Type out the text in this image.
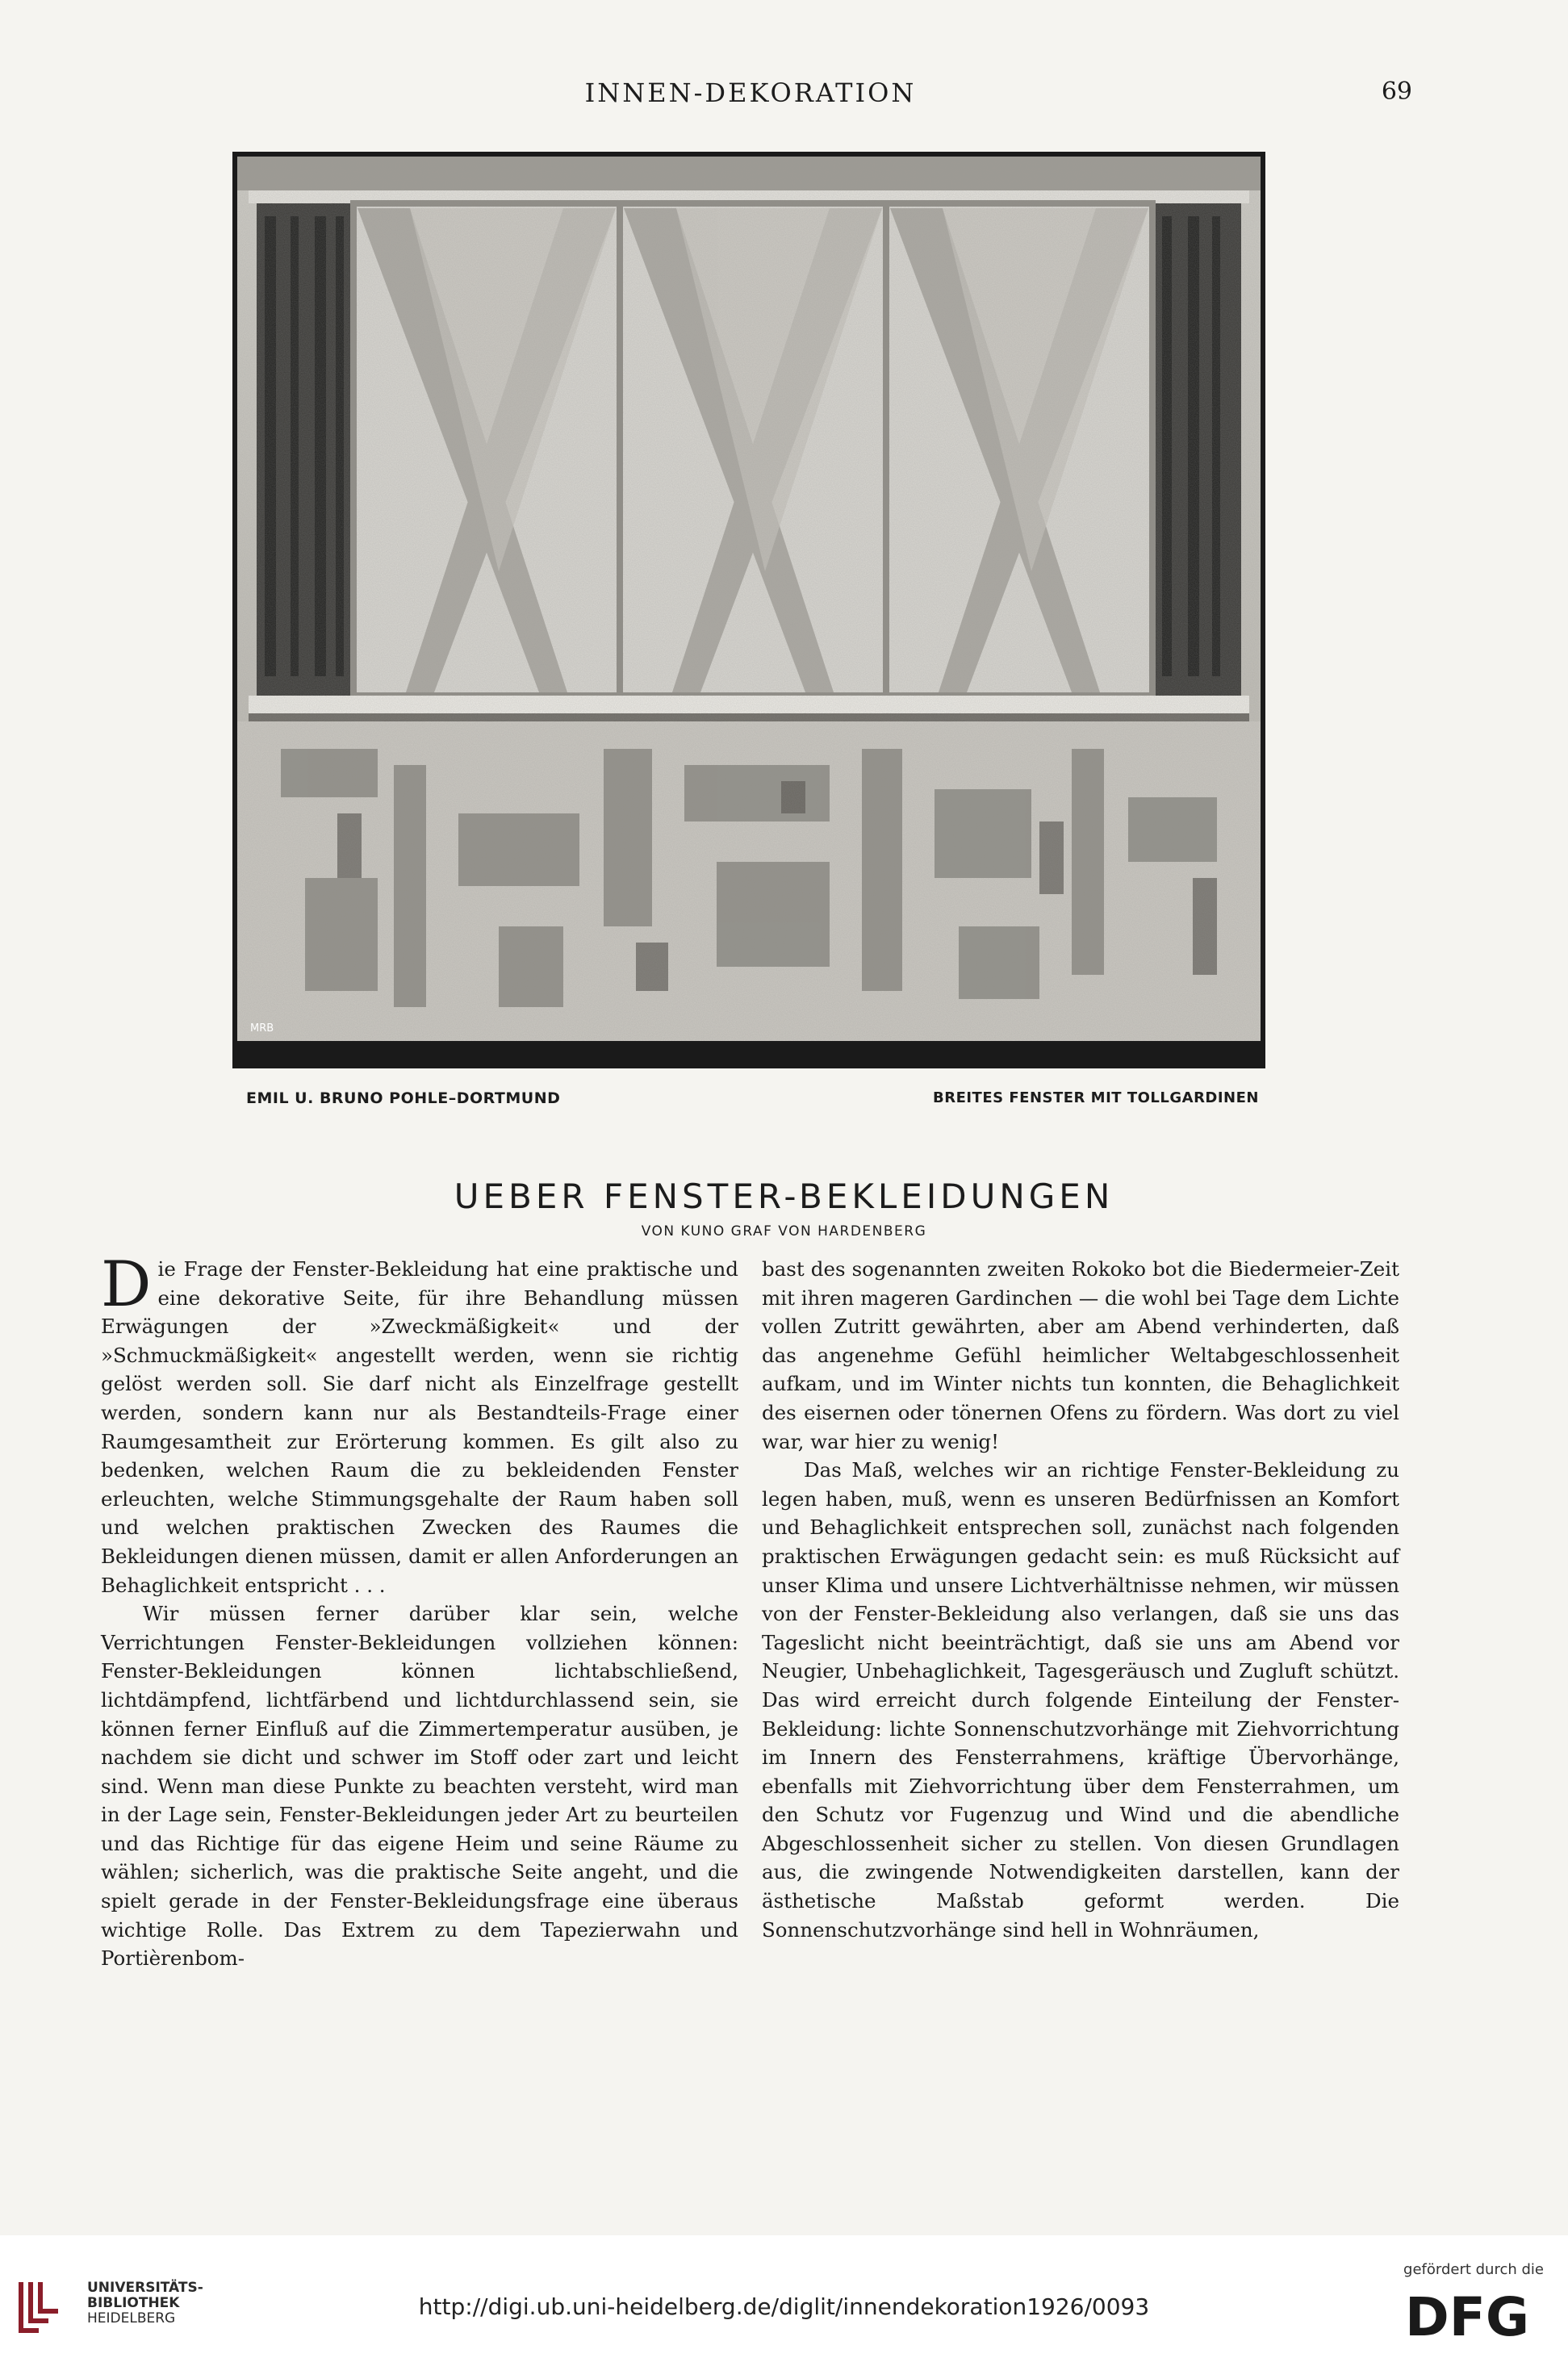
INNEN-DEKORATION	69
MRB
EMIL U. BRUNO POHLE–DORTMUND	BREITES FENSTER MIT TOLLGARDINEN
UEBER FENSTER-BEKLEIDUNGEN
VON KUNO GRAF VON HARDENBERG

Die Frage der Fenster-Bekleidung hat eine praktische und eine dekorative Seite, für ihre Behandlung müssen Erwägungen der »Zweckmäßigkeit« und der »Schmuckmäßigkeit« angestellt werden, wenn sie richtig gelöst werden soll. Sie darf nicht als Einzelfrage gestellt werden, sondern kann nur als Bestandteils-Frage einer Raumgesamtheit zur Erörterung kommen. Es gilt also zu bedenken, welchen Raum die zu bekleidenden Fenster erleuchten, welche Stimmungsgehalte der Raum haben soll und welchen praktischen Zwecken des Raumes die Bekleidungen dienen müssen, damit er allen Anforderungen an Behaglichkeit entspricht . . .

Wir müssen ferner darüber klar sein, welche Verrichtungen Fenster-Bekleidungen vollziehen können: Fenster-Bekleidungen können lichtabschließend, lichtdämpfend, lichtfärbend und lichtdurchlassend sein, sie können ferner Einfluß auf die Zimmertemperatur ausüben, je nachdem sie dicht und schwer im Stoff oder zart und leicht sind. Wenn man diese Punkte zu beachten versteht, wird man in der Lage sein, Fenster-Bekleidungen jeder Art zu beurteilen und das Richtige für das eigene Heim und seine Räume zu wählen; sicherlich, was die praktische Seite angeht, und die spielt gerade in der Fenster-Bekleidungsfrage eine überaus wichtige Rolle. Das Extrem zu dem Tapezierwahn und Portièrenbom-

bast des sogenannten zweiten Rokoko bot die Biedermeier-Zeit mit ihren mageren Gardinchen — die wohl bei Tage dem Lichte vollen Zutritt gewährten, aber am Abend verhinderten, daß das angenehme Gefühl heimlicher Weltabgeschlossenheit aufkam, und im Winter nichts tun konnten, die Behaglichkeit des eisernen oder tönernen Ofens zu fördern. Was dort zu viel war, war hier zu wenig!

Das Maß, welches wir an richtige Fenster-Bekleidung zu legen haben, muß, wenn es unseren Bedürfnissen an Komfort und Behaglichkeit entsprechen soll, zunächst nach folgenden praktischen Erwägungen gedacht sein: es muß Rücksicht auf unser Klima und unsere Lichtverhältnisse nehmen, wir müssen von der Fenster-Bekleidung also verlangen, daß sie uns das Tageslicht nicht beeinträchtigt, daß sie uns am Abend vor Neugier, Unbehaglichkeit, Tagesgeräusch und Zugluft schützt. Das wird erreicht durch folgende Einteilung der Fenster-Bekleidung: lichte Sonnenschutzvorhänge mit Ziehvorrichtung im Innern des Fensterrahmens, kräftige Übervorhänge, ebenfalls mit Ziehvorrichtung über dem Fensterrahmen, um den Schutz vor Fugenzug und Wind und die abendliche Abgeschlossenheit sicher zu stellen. Von diesen Grundlagen aus, die zwingende Notwendigkeiten darstellen, kann der ästhetische Maßstab geformt werden. Die Sonnenschutzvorhänge sind hell in Wohnräumen,

UNIVERSITÄTS-
BIBLIOTHEK
HEIDELBERG	http://digi.ub.uni-heidelberg.de/diglit/innendekoration1926/0093
gefördert durch die
DFG
